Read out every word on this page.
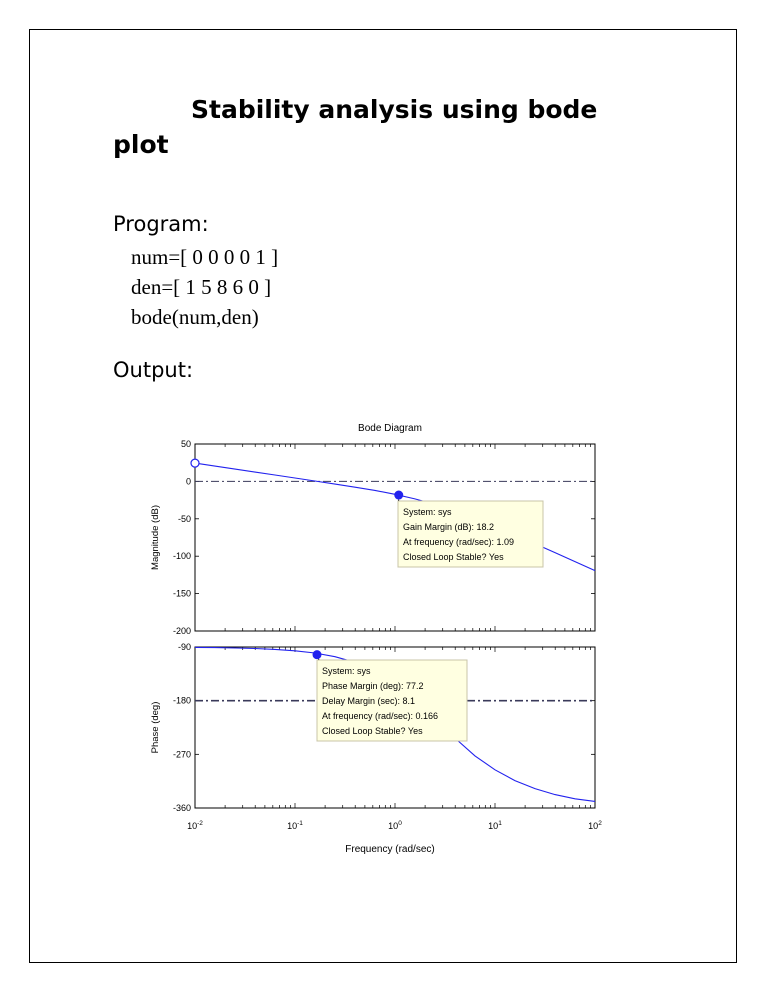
Stability analysis using bode
plot
Program:
num=[ 0 0 0 0 1 ]
den=[ 1 5 8 6 0 ]
bode(num,den)
Output:
Bode Diagram
50
0
-50
-100
-150
-200
Magnitude (dB)	System: sys
Gain Margin (dB): 18.2
At frequency (rad/sec): 1.09
Closed Loop Stable? Yes
-90
-180
-270
-360
Phase (deg)
System: sys
Phase Margin (deg): 77.2
Delay Margin (sec): 8.1
At frequency (rad/sec): 0.166
Closed Loop Stable? Yes
$10^{-2}$	$10^{-1}$	$10^0$	$10^1$	$10^2$
Frequency (rad/sec)
